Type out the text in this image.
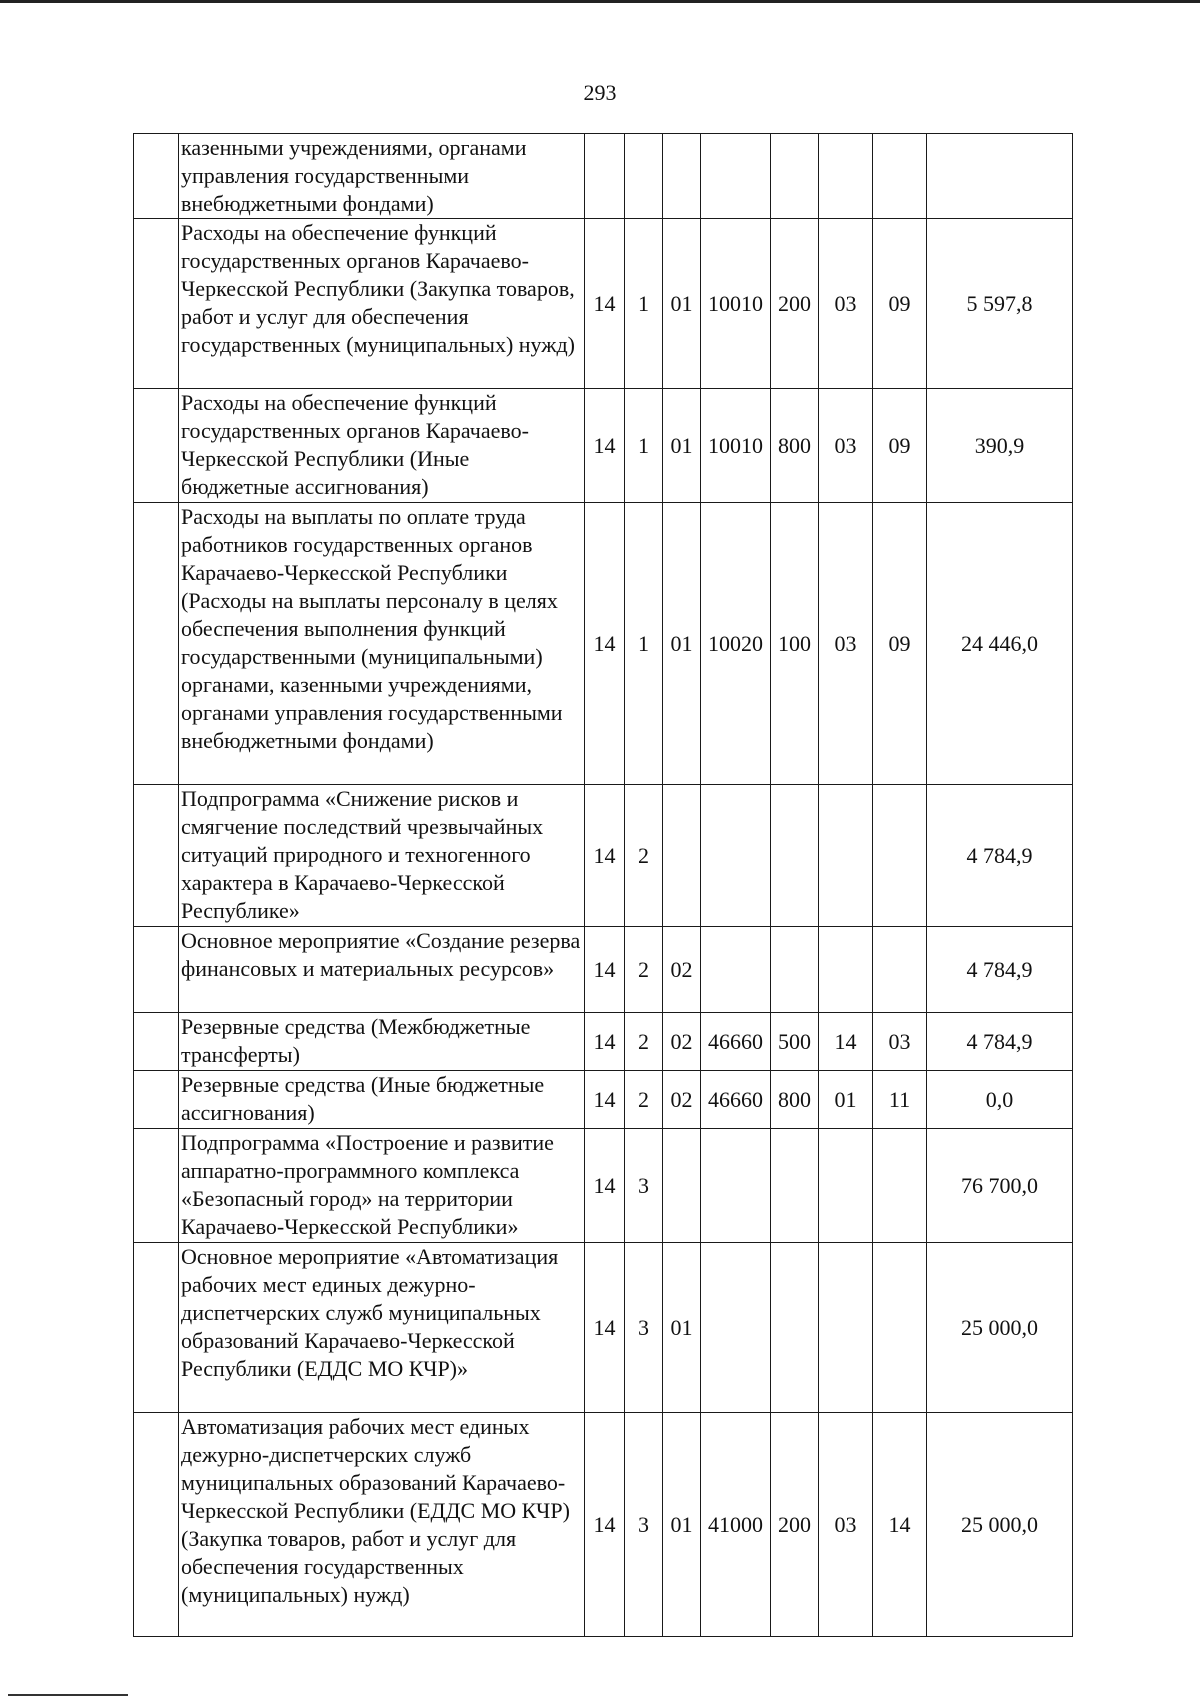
293
	казенными учреждениями, органами управления государственными внебюджетными фондами)								
	Расходы на обеспечение функций государственных органов Карачаево-Черкесской Республики (Закупка товаров, работ и услуг для обеспечения государственных (муниципальных) нужд)	14	1	01	10010	200	03	09	5 597,8
	Расходы на обеспечение функций государственных органов Карачаево-Черкесской Республики (Иные бюджетные ассигнования)	14	1	01	10010	800	03	09	390,9
	Расходы на выплаты по оплате труда работников государственных органов Карачаево-Черкесской Республики (Расходы на выплаты персоналу в целях обеспечения выполнения функций государственными (муниципальными) органами, казенными учреждениями, органами управления государственными внебюджетными фондами)	14	1	01	10020	100	03	09	24 446,0
	Подпрограмма «Снижение рисков и смягчение последствий чрезвычайных ситуаций природного и техногенного характера в Карачаево-Черкесской Республике»	14	2						4 784,9
	Основное мероприятие «Создание резерва финансовых и материальных ресурсов»	14	2	02					4 784,9
	Резервные средства (Межбюджетные трансферты)	14	2	02	46660	500	14	03	4 784,9
	Резервные средства (Иные бюджетные ассигнования)	14	2	02	46660	800	01	11	0,0
	Подпрограмма «Построение и развитие аппаратно-программного комплекса «Безопасный город» на территории Карачаево-Черкесской Республики»	14	3						76 700,0
	Основное мероприятие «Автоматизация рабочих мест единых дежурно-диспетчерских служб муниципальных образований Карачаево-Черкесской Республики (ЕДДС МО КЧР)»	14	3	01					25 000,0
	Автоматизация рабочих мест единых дежурно-диспетчерских служб муниципальных образований Карачаево-Черкесской Республики (ЕДДС МО КЧР) (Закупка товаров, работ и услуг для обеспечения государственных (муниципальных) нужд)	14	3	01	41000	200	03	14	25 000,0
